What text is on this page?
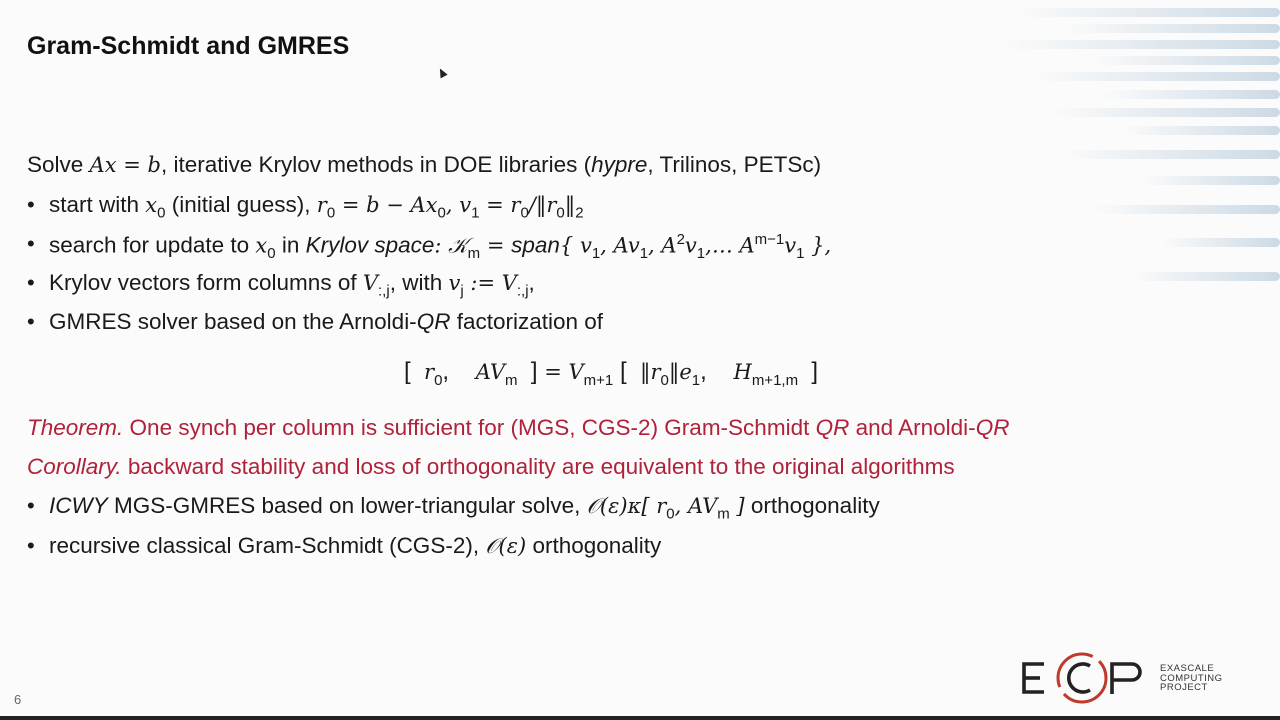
Gram-Schmidt and GMRES
Solve Ax = b, iterative Krylov methods in DOE libraries (hypre, Trilinos, PETSc)
• start with $x_0$ (initial guess), $r_0 = b - Ax_0$, $v_1$ = $r_0/‖r_0‖_2$
• search for update to $x_0$ in Krylov space: 𝒦$_m$ = span{ $v_1$, $Av_1$, $A^2v_1,\dots$ $A^{m-1}v_1$ },
• Krylov vectors form columns of $V_{:,j}$, with $v_j$ := $V_{:,j}$,
• GMRES solver based on the Arnoldi-QR factorization of
[ $r_0$, $AV_m$ ] = $V_{m+1}$ [ $‖r_0‖e_1$, $H_{m+1,m}$ ]
Theorem. One synch per column is sufficient for (MGS, CGS-2) Gram-Schmidt QR and Arnoldi-QR
Corollary. backward stability and loss of orthogonality are equivalent to the original algorithms
• ICWY MGS-GMRES based on lower-triangular solve, 𝒪(ε)κ[ $r_0$, $AV_m$ ] orthogonality
• recursive classical Gram-Schmidt (CGS-2), 𝒪(ε) orthogonality
6
EXASCALE
COMPUTING
PROJECT
